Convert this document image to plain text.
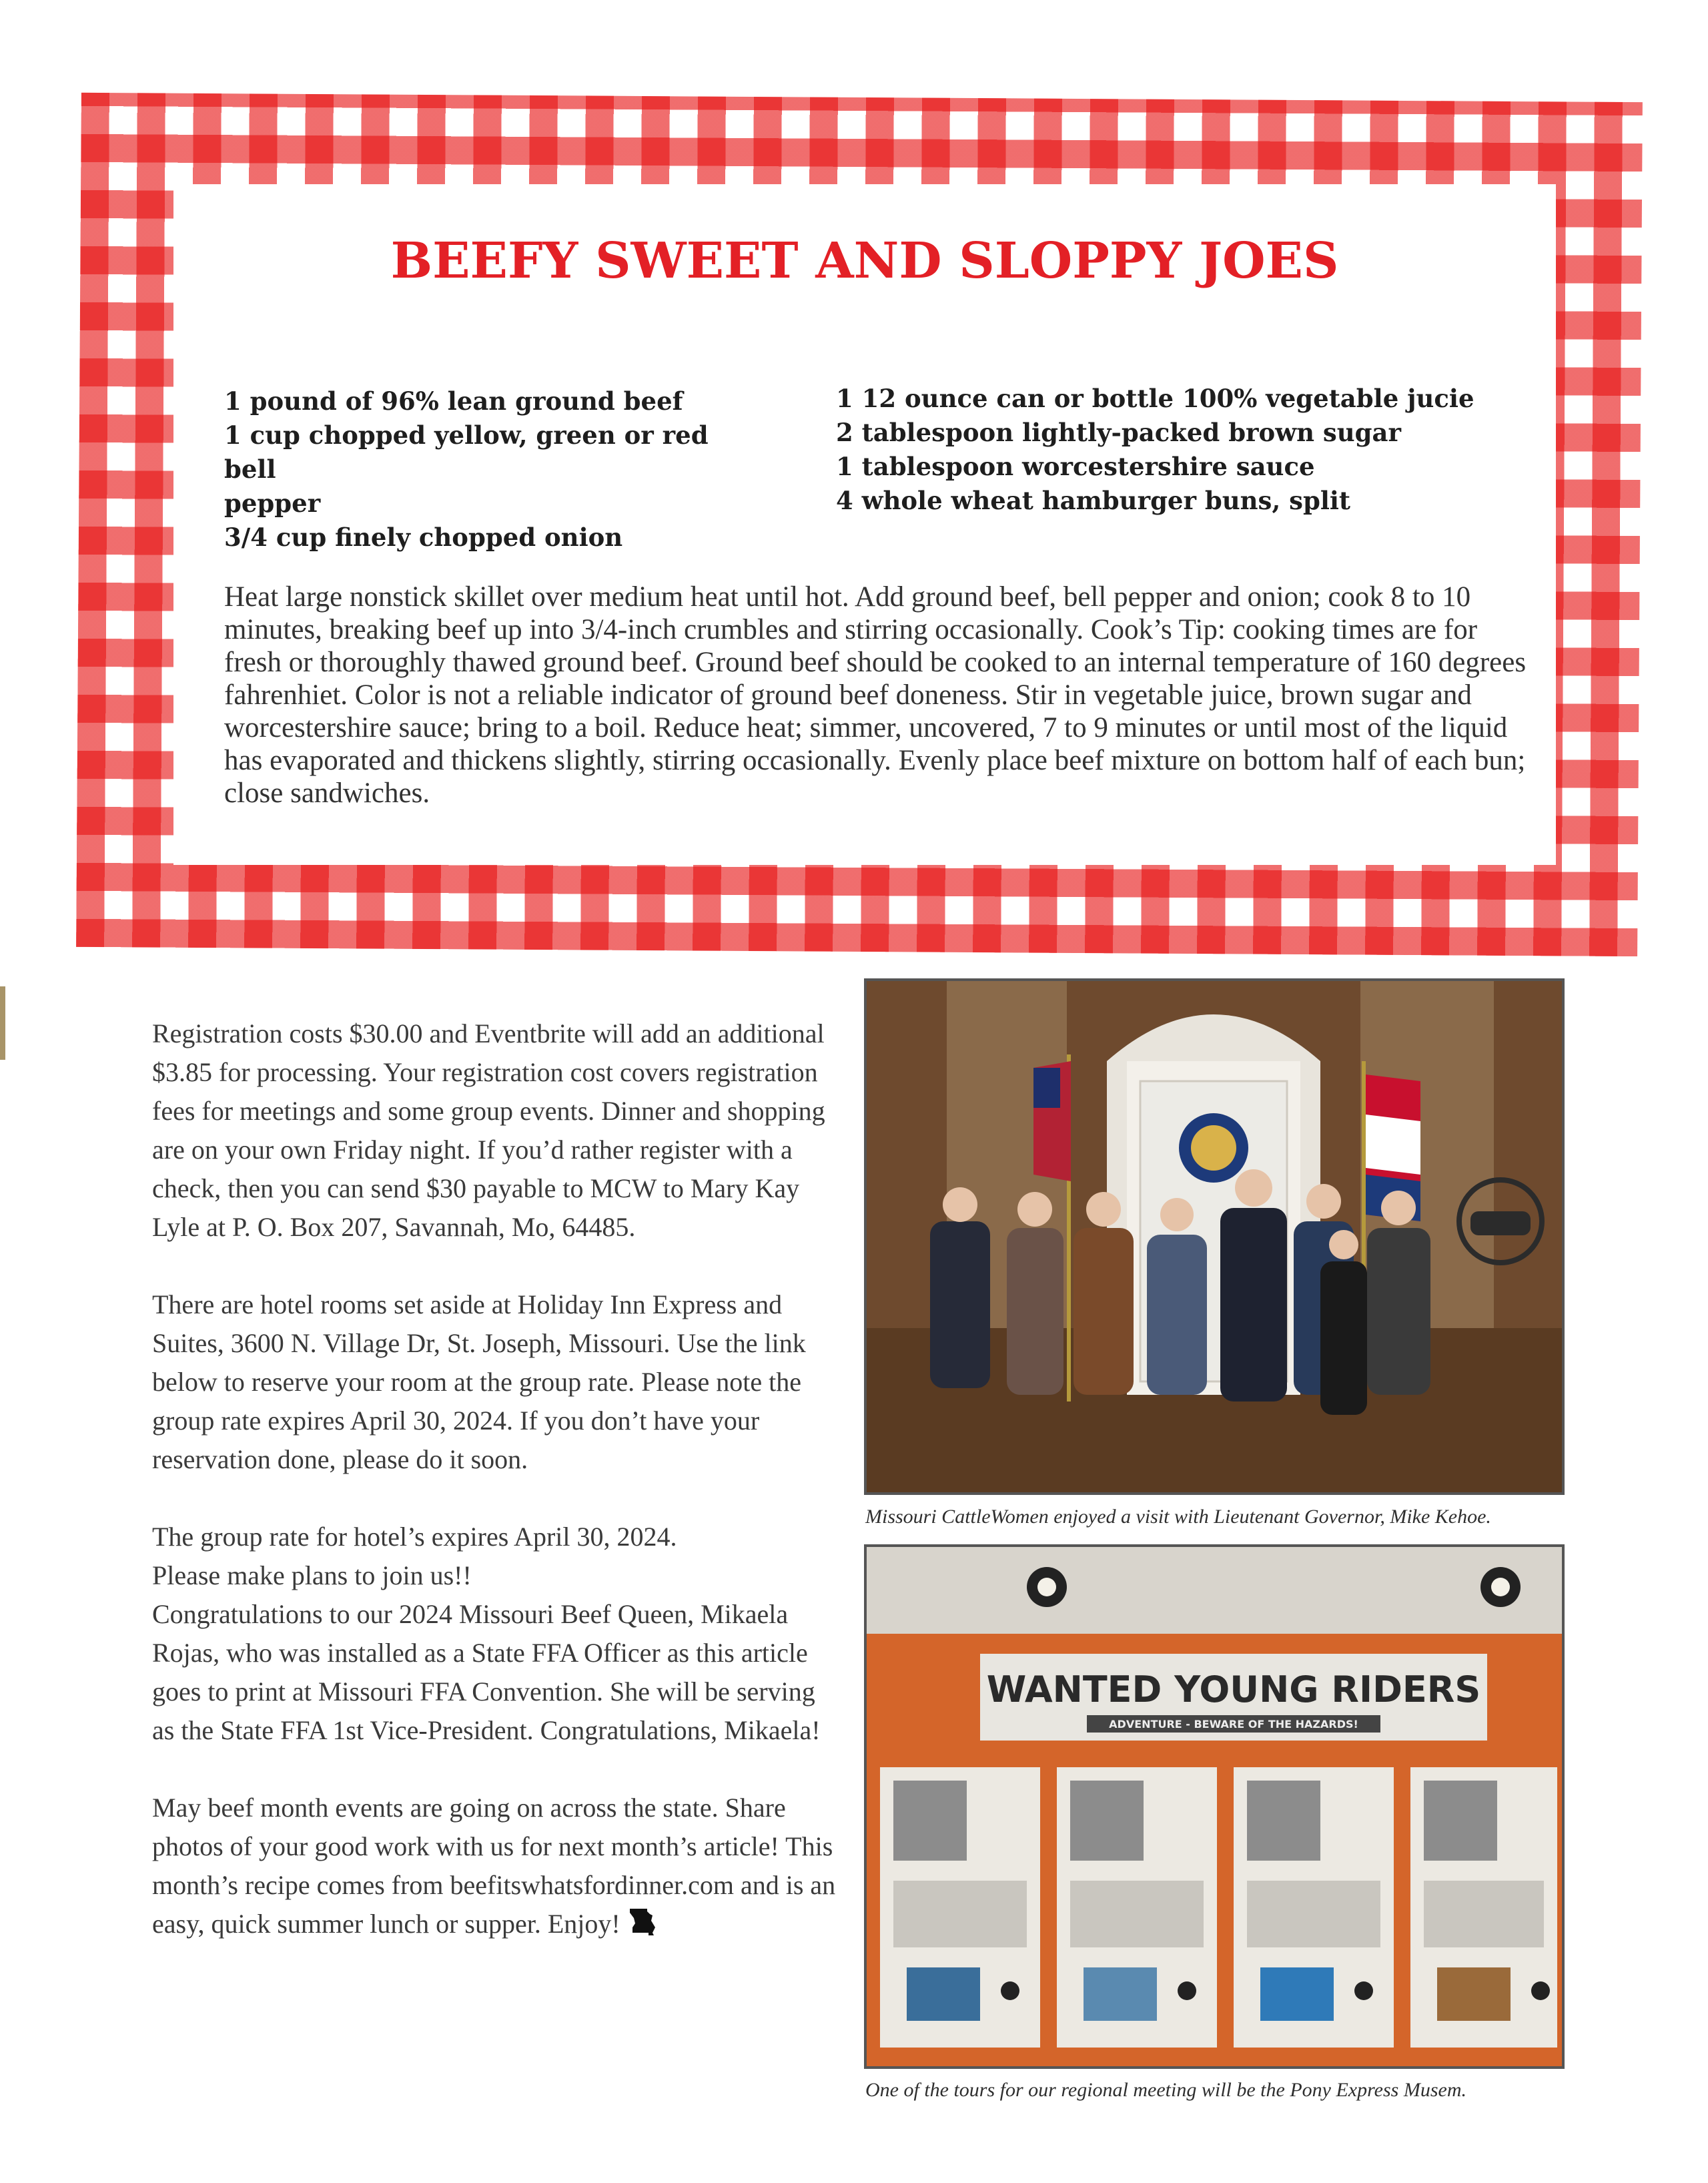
BEEFY SWEET AND SLOPPY JOES
1 pound of 96% lean ground beef
1 cup chopped yellow, green or red bell
pepper
3/4 cup finely chopped onion
1 12 ounce can or bottle 100% vegetable jucie
2 tablespoon lightly-packed brown sugar
1 tablespoon worcestershire sauce
4 whole wheat hamburger buns, split
Heat large nonstick skillet over medium heat until hot. Add ground beef, bell pepper and onion; cook 8 to 10 minutes, breaking beef up into 3/4-inch crumbles and stirring occasionally. Cook’s Tip: cooking times are for fresh or thoroughly thawed ground beef. Ground beef should be cooked to an internal temperature of 160 degrees fahrenhiet. Color is not a reliable indicator of ground beef doneness. Stir in vegetable juice, brown sugar and worcestershire sauce; bring to a boil. Reduce heat; simmer, uncovered, 7 to 9 minutes or until most of the liquid has evaporated and thickens slightly, stirring occasionally. Evenly place beef mixture on bottom half of each bun; close sandwiches.

Registration costs $30.00 and Eventbrite will add an additional $3.85 for processing. Your registration cost covers registration fees for meetings and some group events. Dinner and shopping are on your own Friday night. If you’d rather register with a check, then you can send $30 payable to MCW to Mary Kay Lyle at P. O. Box 207, Savannah, Mo, 64485.

There are hotel rooms set aside at Holiday Inn Express and Suites, 3600 N. Village Dr, St. Joseph, Missouri. Use the link below to reserve your room at the group rate. Please note the group rate expires April 30, 2024. If you don’t have your reservation done, please do it soon.

The group rate for hotel’s expires April 30, 2024.

Please make plans to join us!!

Congratulations to our 2024 Missouri Beef Queen, Mikaela Rojas, who was installed as a State FFA Officer as this article goes to print at Missouri FFA Convention. She will be serving as the State FFA 1st Vice-President. Congratulations, Mikaela!

May beef month events are going on across the state. Share photos of your good work with us for next month’s article! This month’s recipe comes from beefitswhatsfordinner.com and is an easy, quick summer lunch or supper. Enjoy!

Missouri CattleWomen enjoyed a visit with Lieutenant Governor, Mike Kehoe.
WANTED YOUNG RIDERS
ADVENTURE - BEWARE OF THE HAZARDS!
One of the tours for our regional meeting will be the Pony Express Musem.
